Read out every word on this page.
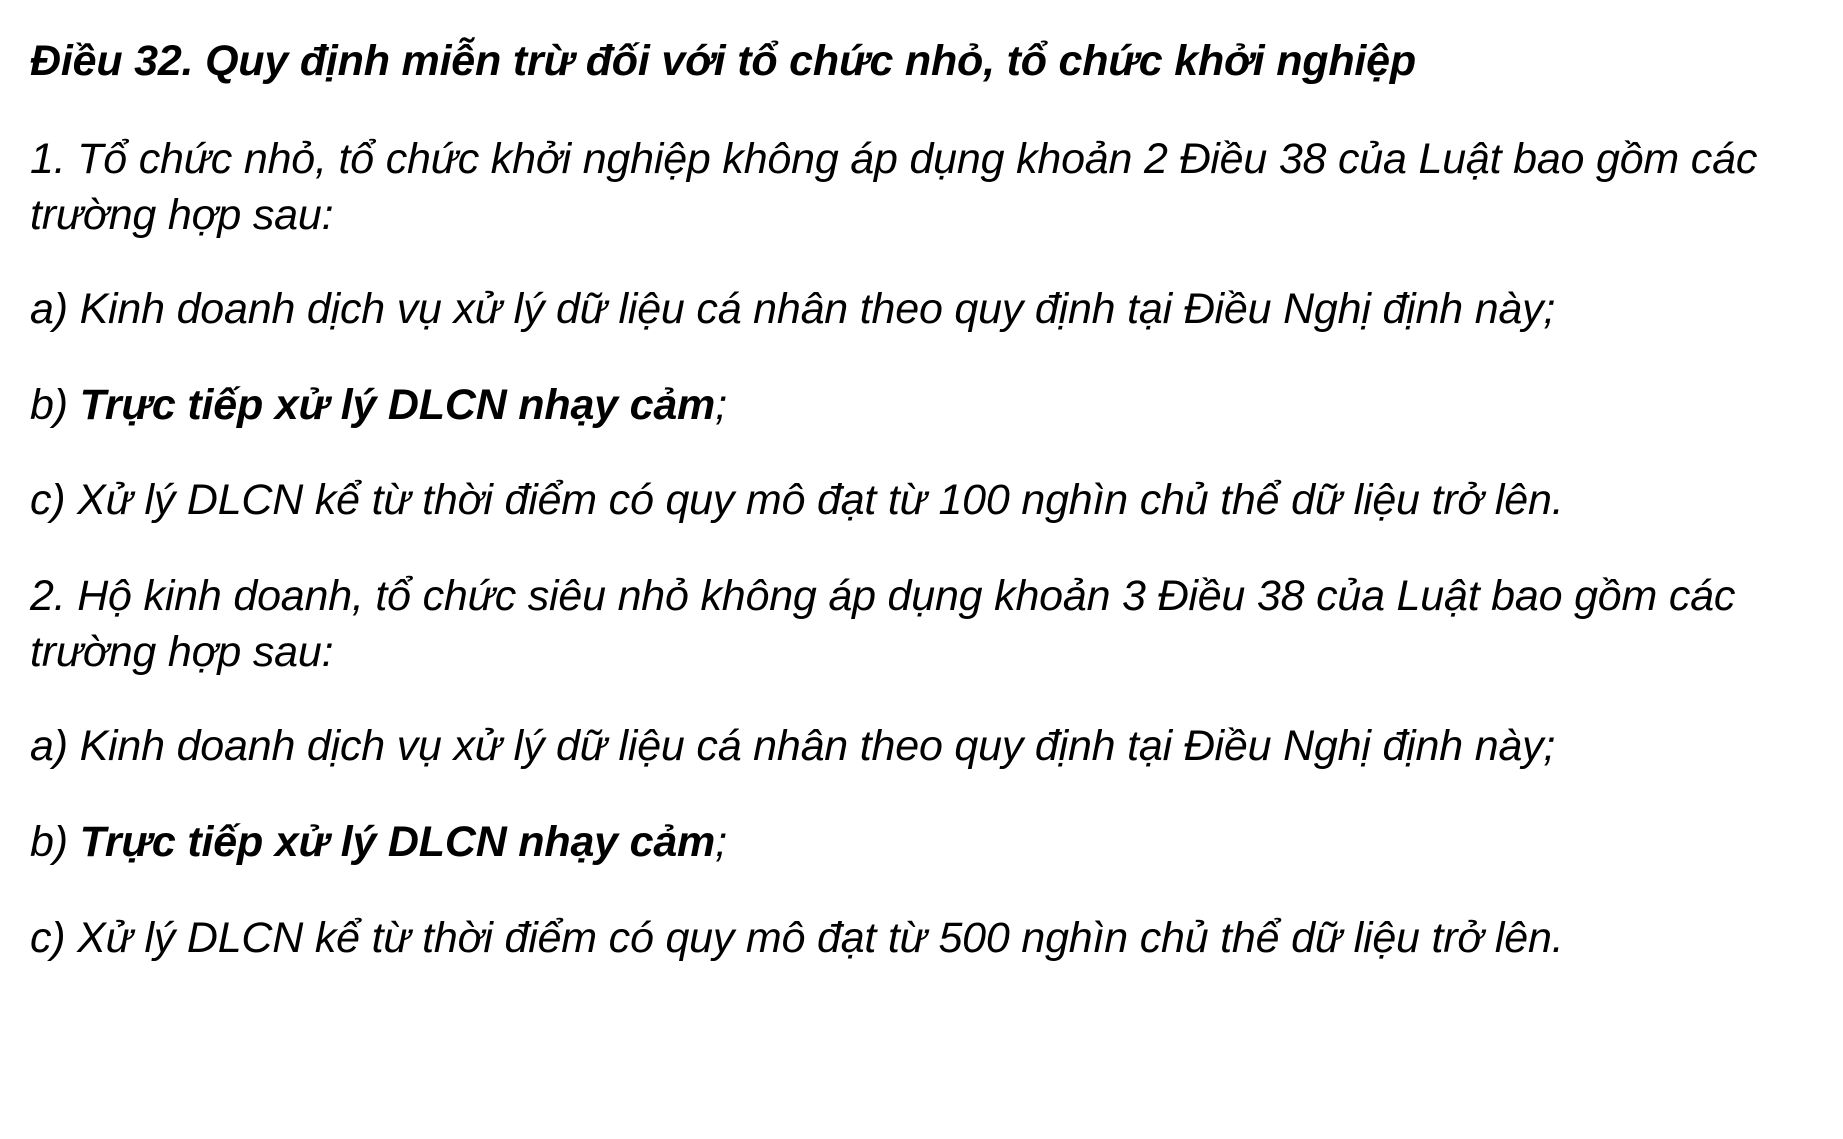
Điều 32. Quy định miễn trừ đối với tổ chức nhỏ, tổ chức khởi nghiệp

1. Tổ chức nhỏ, tổ chức khởi nghiệp không áp dụng khoản 2 Điều 38 của Luật bao gồm các trường hợp sau:

a) Kinh doanh dịch vụ xử lý dữ liệu cá nhân theo quy định tại Điều Nghị định này;

b) Trực tiếp xử lý DLCN nhạy cảm;

c) Xử lý DLCN kể từ thời điểm có quy mô đạt từ 100 nghìn chủ thể dữ liệu trở lên.

2. Hộ kinh doanh, tổ chức siêu nhỏ không áp dụng khoản 3 Điều 38 của Luật bao gồm các trường hợp sau:

a) Kinh doanh dịch vụ xử lý dữ liệu cá nhân theo quy định tại Điều Nghị định này;

b) Trực tiếp xử lý DLCN nhạy cảm;

c) Xử lý DLCN kể từ thời điểm có quy mô đạt từ 500 nghìn chủ thể dữ liệu trở lên.
